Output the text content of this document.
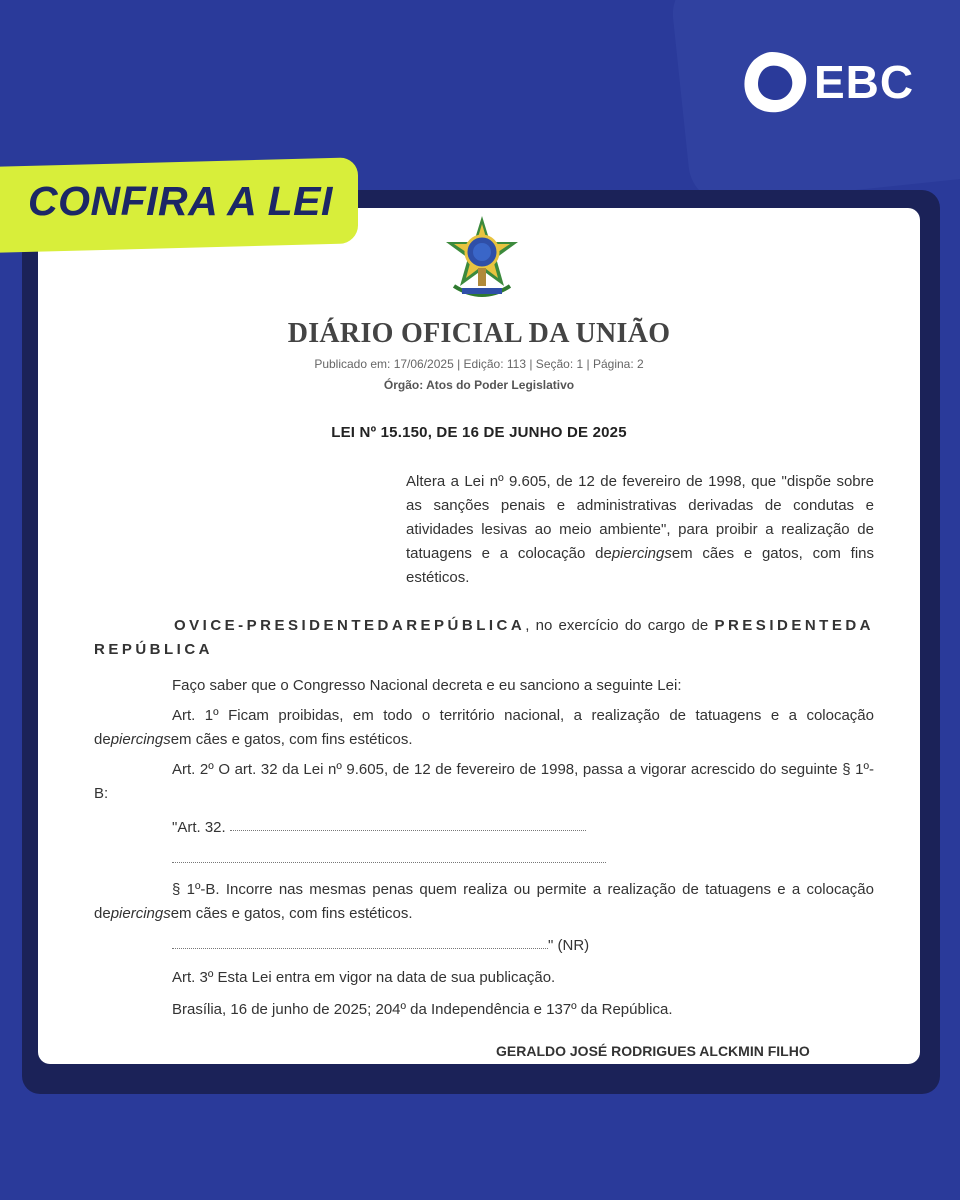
EBC
CONFIRA A LEI
DIÁRIO OFICIAL DA UNIÃO
Publicado em: 17/06/2025 | Edição: 113 | Seção: 1 | Página: 2
Órgão: Atos do Poder Legislativo
LEI Nº 15.150, DE 16 DE JUNHO DE 2025
Altera a Lei nº 9.605, de 12 de fevereiro de 1998, que "dispõe sobre as sanções penais e administrativas derivadas de condutas e atividades lesivas ao meio ambiente", para proibir a realização de tatuagens e a colocação depiercingsem cães e gatos, com fins estéticos.
OVICE-PRESIDENTEDAREPÚBLICA, no exercício do cargo de PRESIDENTEDA REPÚBLICA
Faço saber que o Congresso Nacional decreta e eu sanciono a seguinte Lei:
Art. 1º Ficam proibidas, em todo o território nacional, a realização de tatuagens e a colocação depiercingsem cães e gatos, com fins estéticos.
Art. 2º O art. 32 da Lei nº 9.605, de 12 de fevereiro de 1998, passa a vigorar acrescido do seguinte § 1º-B:
"Art. 32.
§ 1º-B. Incorre nas mesmas penas quem realiza ou permite a realização de tatuagens e a colocação depiercingsem cães e gatos, com fins estéticos.
" (NR)
Art. 3º Esta Lei entra em vigor na data de sua publicação.
Brasília, 16 de junho de 2025; 204º da Independência e 137º da República.
GERALDO JOSÉ RODRIGUES ALCKMIN FILHO
